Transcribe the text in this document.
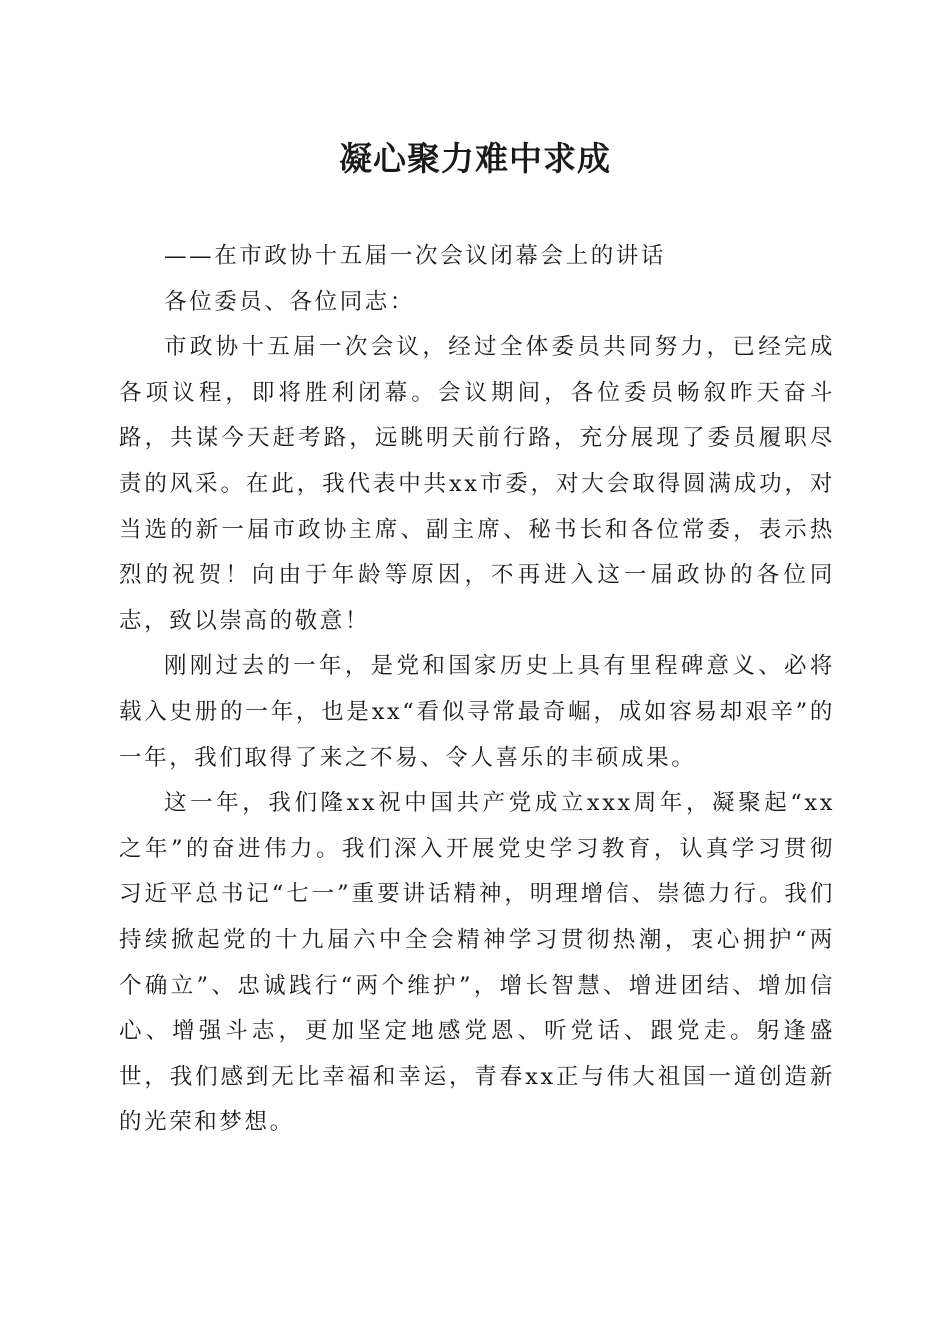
凝心聚力难中求成

——在市政协十五届一次会议闭幕会上的讲话

各位委员、各位同志：

市政协十五届一次会议，经过全体委员共同努力，已经完成各项议程，即将胜利闭幕。会议期间，各位委员畅叙昨天奋斗路，共谋今天赶考路，远眺明天前行路，充分展现了委员履职尽责的风采。在此，我代表中共xx市委，对大会取得圆满成功，对当选的新一届市政协主席、副主席、秘书长和各位常委，表示热烈的祝贺！向由于年龄等原因，不再进入这一届政协的各位同志，致以崇高的敬意！

刚刚过去的一年，是党和国家历史上具有里程碑意义、必将载入史册的一年，也是xx“看似寻常最奇崛，成如容易却艰辛”的一年，我们取得了来之不易、令人喜乐的丰硕成果。

这一年，我们隆xx祝中国共产党成立xxx周年，凝聚起“xx之年”的奋进伟力。我们深入开展党史学习教育，认真学习贯彻习近平总书记“七一”重要讲话精神，明理增信、崇德力行。我们持续掀起党的十九届六中全会精神学习贯彻热潮，衷心拥护“两个确立”、忠诚践行“两个维护”，增长智慧、增进团结、增加信心、增强斗志，更加坚定地感党恩、听党话、跟党走。躬逢盛世，我们感到无比幸福和幸运，青春xx正与伟大祖国一道创造新的光荣和梦想。
